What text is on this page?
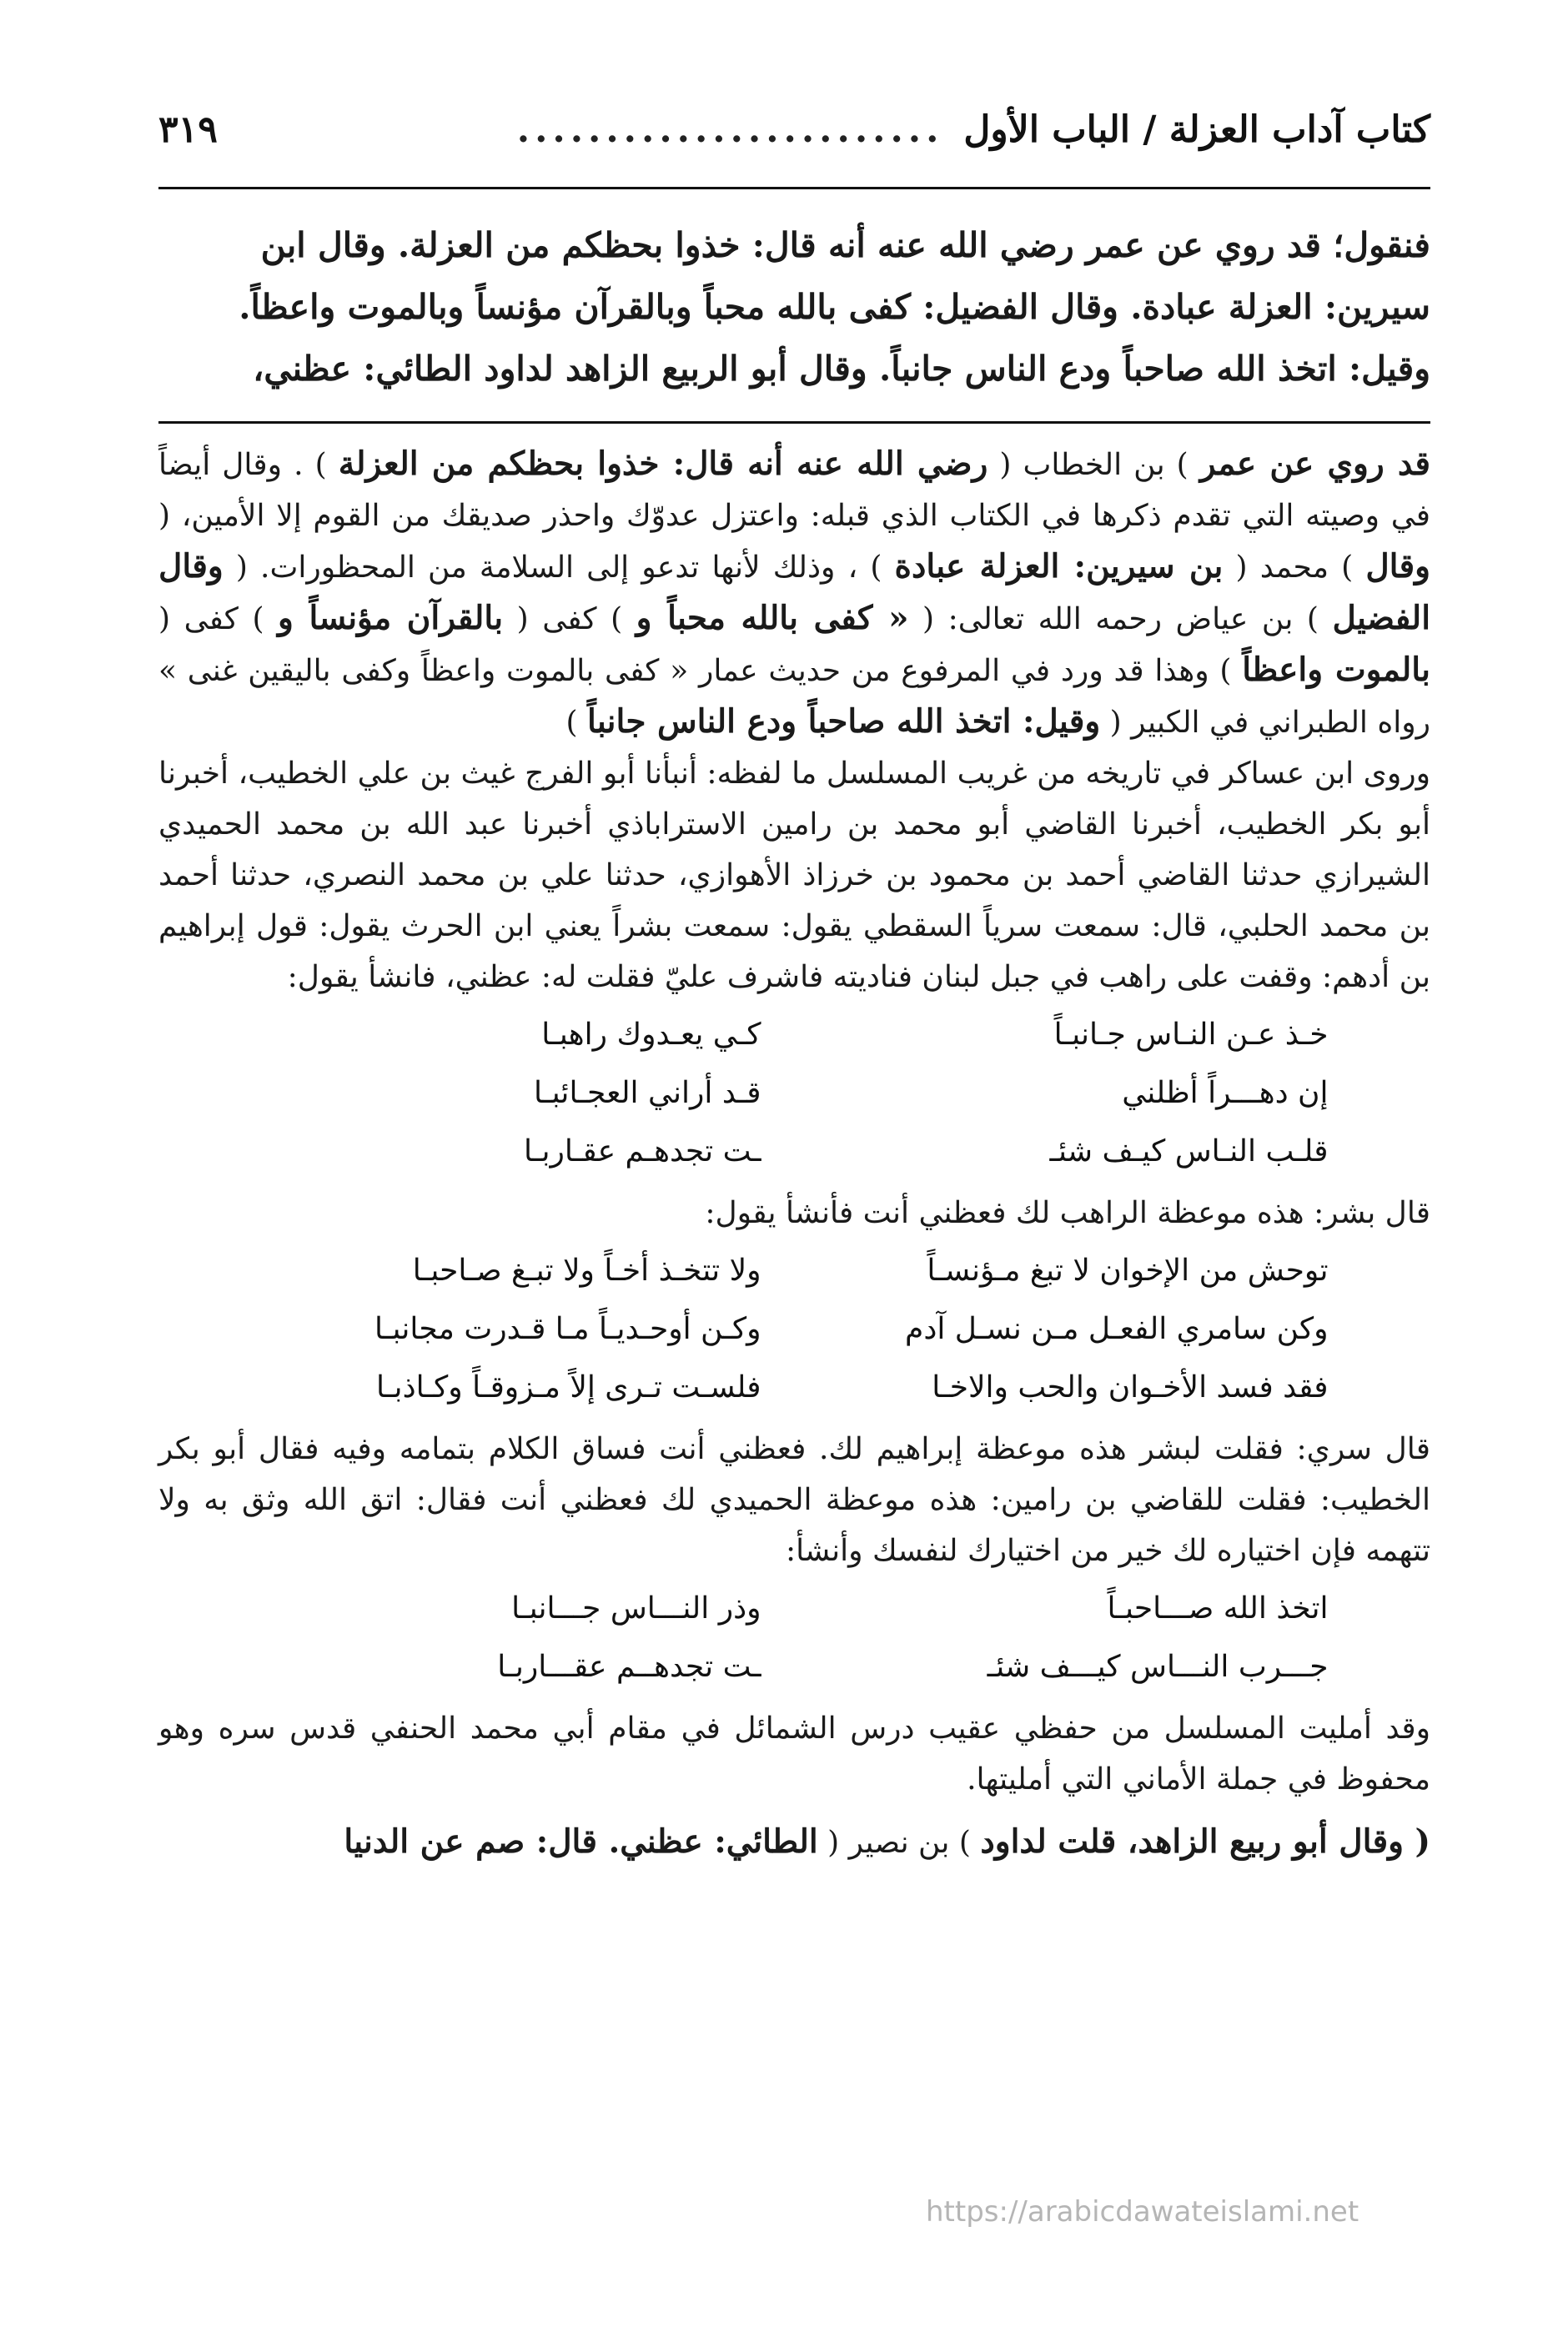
كتاب آداب العزلة / الباب الأول
........................
٣١٩

فنقول؛ قد روي عن عمر رضي الله عنه أنه قال: خذوا بحظكم من العزلة. وقال ابن

سيرين: العزلة عبادة. وقال الفضيل: كفى بالله محباً وبالقرآن مؤنساً وبالموت واعظاً.

وقيل: اتخذ الله صاحباً ودع الناس جانباً. وقال أبو الربيع الزاهد لداود الطائي: عظني،

قد روي عن عمر ) بن الخطاب ( رضي الله عنه أنه قال: خذوا بحظكم من العزلة ) . وقال أيضاً في وصيته التي تقدم ذكرها في الكتاب الذي قبله: واعتزل عدوّك واحذر صديقك من القوم إلا الأمين، ( وقال ) محمد ( بن سيرين: العزلة عبادة ) ، وذلك لأنها تدعو إلى السلامة من المحظورات. ( وقال الفضيل ) بن عياض رحمه الله تعالى: ( « كفى بالله محباً و ) كفى ( بالقرآن مؤنساً و ) كفى ( بالموت واعظاً ) وهذا قد ورد في المرفوع من حديث عمار « كفى بالموت واعظاً وكفى باليقين غنى » رواه الطبراني في الكبير ( وقيل: اتخذ الله صاحباً ودع الناس جانباً )

وروى ابن عساكر في تاريخه من غريب المسلسل ما لفظه: أنبأنا أبو الفرج غيث بن علي الخطيب، أخبرنا أبو بكر الخطيب، أخبرنا القاضي أبو محمد بن رامين الاستراباذي أخبرنا عبد الله بن محمد الحميدي الشيرازي حدثنا القاضي أحمد بن محمود بن خرزاذ الأهوازي، حدثنا علي بن محمد النصري، حدثنا أحمد بن محمد الحلبي، قال: سمعت سرياً السقطي يقول: سمعت بشراً يعني ابن الحرث يقول: قول إبراهيم بن أدهم: وقفت على راهب في جبل لبنان فناديته فاشرف عليّ فقلت له: عظني، فانشأ يقول:

خـذ عـن النـاس جـانبـاً
كـي يعـدوك راهبـا
إن دهـــراً أظلني
قـد أراني العجـائبـا
قلـب النـاس كيـف شئـ
ـت تجدهـم عقـاربـا

قال بشر: هذه موعظة الراهب لك فعظني أنت فأنشأ يقول:

توحش من الإخوان لا تبغ مـؤنسـاً
ولا تتخـذ أخـاً ولا تبـغ صـاحبـا
وكن سامري الفعـل مـن نسـل آدم
وكـن أوحـديـاً مـا قـدرت مجانبـا
فقد فسد الأخـوان والحب والاخـا
فلسـت تـرى إلاً مـزوقـاً وكـاذبـا

قال سري: فقلت لبشر هذه موعظة إبراهيم لك. فعظني أنت فساق الكلام بتمامه وفيه فقال أبو بكر الخطيب: فقلت للقاضي بن رامين: هذه موعظة الحميدي لك فعظني أنت فقال: اتق الله وثق به ولا تتهمه فإن اختياره لك خير من اختيارك لنفسك وأنشأ:

اتخذ الله صـــاحبـاً
وذر النـــاس جـــانبـا
جـــرب النـــاس كيـــف شئـ
ـت تجدهــم عقـــاربـا

وقد أمليت المسلسل من حفظي عقيب درس الشمائل في مقام أبي محمد الحنفي قدس سره وهو محفوظ في جملة الأماني التي أمليتها.

( وقال أبو ربيع الزاهد، قلت لداود ) بن نصير ( الطائي: عظني. قال: صم عن الدنيا

https://arabicdawateislami.net
